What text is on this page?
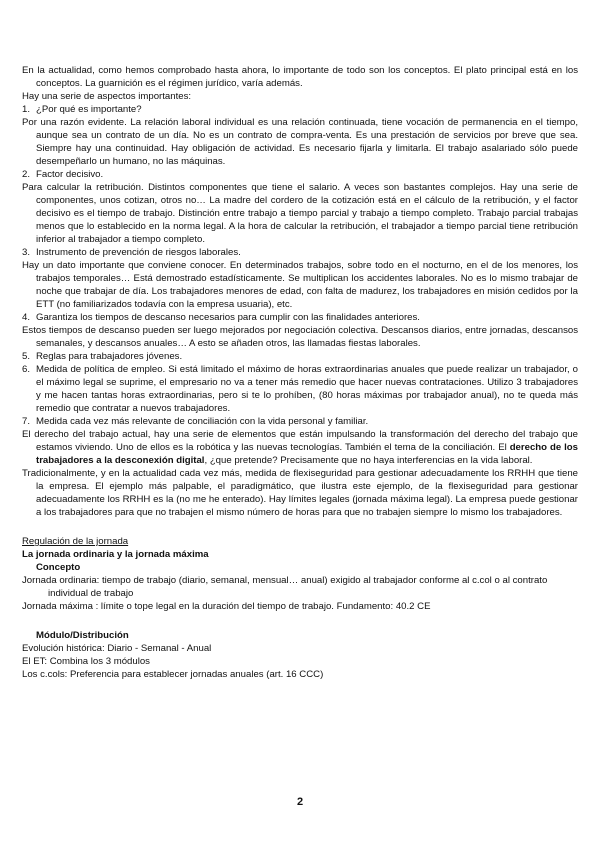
En la actualidad, como hemos comprobado hasta ahora, lo importante de todo son los conceptos. El plato principal está en los conceptos. La guarnición es el régimen jurídico, varía además.

Hay una serie de aspectos importantes:

1. ¿Por qué es importante?

Por una razón evidente. La relación laboral individual es una relación continuada, tiene vocación de permanencia en el tiempo, aunque sea un contrato de un día. No es un contrato de compra-venta. Es una prestación de servicios por breve que sea. Siempre hay una continuidad. Hay obligación de actividad. Es necesario fijarla y limitarla. El trabajo asalariado sólo puede desempeñarlo un humano, no las máquinas.

2. Factor decisivo.

Para calcular la retribución. Distintos componentes que tiene el salario. A veces son bastantes complejos. Hay una serie de componentes, unos cotizan, otros no… La madre del cordero de la cotización está en el cálculo de la retribución, y el factor decisivo es el tiempo de trabajo. Distinción entre trabajo a tiempo parcial y trabajo a tiempo completo. Trabajo parcial trabajas menos que lo establecido en la norma legal. A la hora de calcular la retribución, el trabajador a tiempo parcial tiene retribución inferior al trabajador a tiempo completo.

3. Instrumento de prevención de riesgos laborales.

Hay un dato importante que conviene conocer. En determinados trabajos, sobre todo en el nocturno, en el de los menores, los trabajos temporales… Está demostrado estadísticamente. Se multiplican los accidentes laborales. No es lo mismo trabajar de noche que trabajar de día. Los trabajadores menores de edad, con falta de madurez, los trabajadores en misión cedidos por la ETT (no familiarizados todavía con la empresa usuaria), etc.

4. Garantiza los tiempos de descanso necesarios para cumplir con las finalidades anteriores.

Estos tiempos de descanso pueden ser luego mejorados por negociación colectiva. Descansos diarios, entre jornadas, descansos semanales, y descansos anuales… A esto se añaden otros, las llamadas fiestas laborales.

5. Reglas para trabajadores jóvenes.
6. Medida de política de empleo. Si está limitado el máximo de horas extraordinarias anuales que puede realizar un trabajador, o el máximo legal se suprime, el empresario no va a tener más remedio que hacer nuevas contrataciones. Utilizo 3 trabajadores y me hacen tantas horas extraordinarias, pero si te lo prohíben, (80 horas máximas por trabajador anual), no te queda más remedio que contratar a nuevos trabajadores.
7. Medida cada vez más relevante de conciliación con la vida personal y familiar.

El derecho del trabajo actual, hay una serie de elementos que están impulsando la transformación del derecho del trabajo que estamos viviendo. Uno de ellos es la robótica y las nuevas tecnologías. También el tema de la conciliación. El derecho de los trabajadores a la desconexión digital, ¿que pretende? Precisamente que no haya interferencias en la vida laboral.

Tradicionalmente, y en la actualidad cada vez más, medida de flexiseguridad para gestionar adecuadamente los RRHH que tiene la empresa. El ejemplo más palpable, el paradigmático, que ilustra este ejemplo, de la flexiseguridad para gestionar adecuadamente los RRHH es la (no me he enterado). Hay límites legales (jornada máxima legal). La empresa puede gestionar a los trabajadores para que no trabajen el mismo número de horas para que no trabajen siempre lo mismo los trabajadores.

Regulación de la jornada

La jornada ordinaria y la jornada máxima

Concepto

Jornada ordinaria: tiempo de trabajo (diario, semanal, mensual… anual) exigido al trabajador conforme al c.col o al contrato individual de trabajo

Jornada máxima : límite o tope legal en la duración del tiempo de trabajo. Fundamento: 40.2 CE

Módulo/Distribución

Evolución histórica: Diario - Semanal - Anual

El ET: Combina los 3 módulos

Los c.cols: Preferencia para establecer jornadas anuales (art. 16 CCC)

2
